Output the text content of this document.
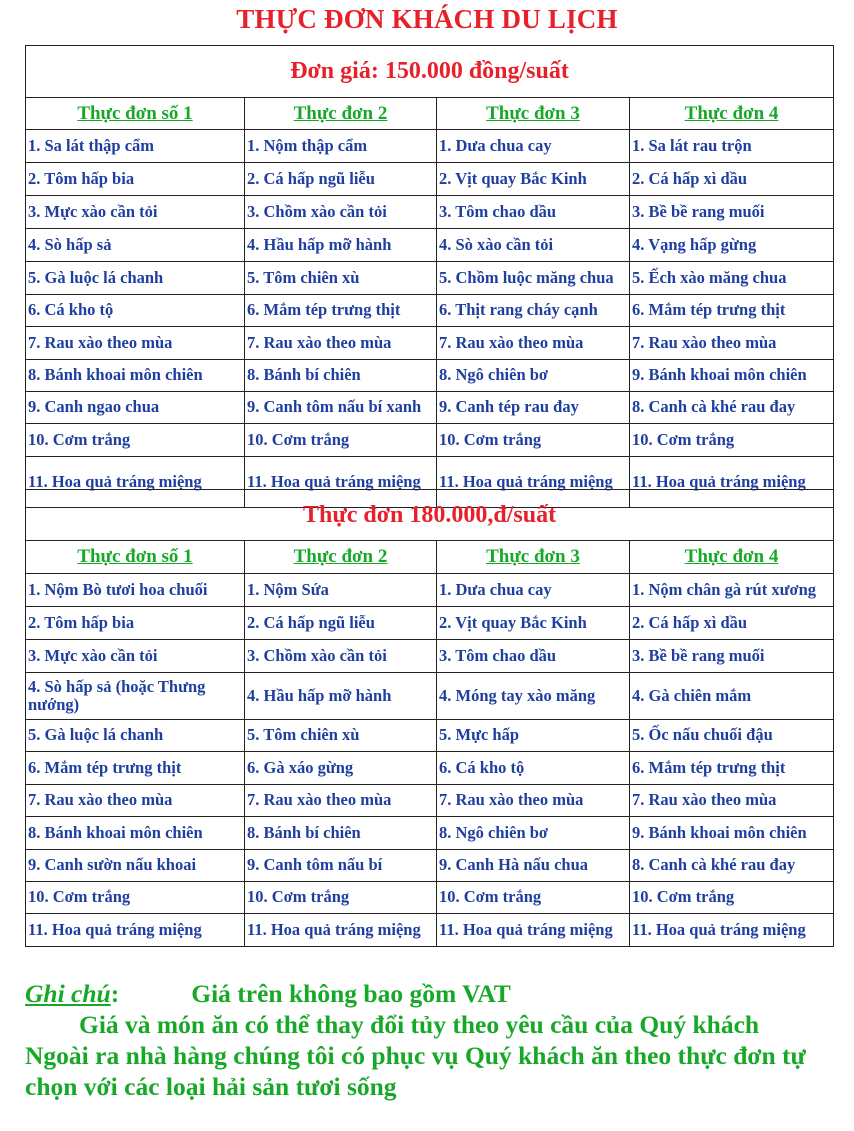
THỰC ĐƠN KHÁCH DU LỊCH
Đơn giá: 150.000 đồng/suất			
Thực đơn số 1	Thực đơn 2	Thực đơn 3	Thực đơn 4
1. Sa lát thập cẩm	1. Nộm thập cẩm	1. Dưa chua cay	1. Sa lát rau trộn
2. Tôm hấp bia	2. Cá hấp ngũ liễu	2. Vịt quay Bắc Kinh	2. Cá hấp xì dầu
3. Mực xào cần tỏi	3. Chồm xào cần tỏi	3. Tôm chao dầu	3. Bề bề rang muối
4. Sò hấp sả	4. Hầu hấp mỡ hành	4. Sò xào cần tỏi	4. Vạng hấp gừng
5. Gà luộc lá chanh	5. Tôm chiên xù	5. Chồm luộc măng chua	5. Ếch xào măng chua
6. Cá kho tộ	6. Mắm tép trưng thịt	6. Thịt rang cháy cạnh	6. Mắm tép trưng thịt
7. Rau xào theo mùa	7. Rau xào theo mùa	7. Rau xào theo mùa	7. Rau xào theo mùa
8. Bánh khoai môn chiên	8. Bánh bí chiên	8. Ngô chiên bơ	9. Bánh khoai môn chiên
9. Canh ngao chua	9. Canh tôm nấu bí xanh	9. Canh tép rau đay	8. Canh cà khé rau đay
10. Cơm trắng	10. Cơm trắng	10. Cơm trắng	10. Cơm trắng
11. Hoa quả tráng miệng	11. Hoa quả tráng miệng	11. Hoa quả tráng miệng	11. Hoa quả tráng miệng
Thực đơn 180.000,đ/suất			
Thực đơn số 1	Thực đơn 2	Thực đơn 3	Thực đơn 4
1. Nộm Bò tươi hoa chuối	1. Nộm Sứa	1. Dưa chua cay	1. Nộm chân gà rút xương
2. Tôm hấp bia	2. Cá hấp ngũ liễu	2. Vịt quay Bắc Kinh	2. Cá hấp xì dầu
3. Mực xào cần tỏi	3. Chồm xào cần tỏi	3. Tôm chao dầu	3. Bề bề rang muối
4. Sò hấp sả (hoặc Thưng nướng)	4. Hầu hấp mỡ hành	4. Móng tay xào măng	4. Gà chiên mắm
5. Gà luộc lá chanh	5. Tôm chiên xù	5. Mực hấp	5. Ốc nấu chuối đậu
6. Mắm tép trưng thịt	6. Gà xáo gừng	6. Cá kho tộ	6. Mắm tép trưng thịt
7. Rau xào theo mùa	7. Rau xào theo mùa	7. Rau xào theo mùa	7. Rau xào theo mùa
8. Bánh khoai môn chiên	8. Bánh bí chiên	8. Ngô chiên bơ	9. Bánh khoai môn chiên
9. Canh sườn nấu khoai	9. Canh tôm nấu bí	9. Canh Hà nấu chua	8. Canh cà khé rau đay
10. Cơm trắng	10. Cơm trắng	10. Cơm trắng	10. Cơm trắng
11. Hoa quả tráng miệng	11. Hoa quả tráng miệng	11. Hoa quả tráng miệng	11. Hoa quả tráng miệng
Ghi chú:	Giá trên không bao gồm VAT
Giá và món ăn có thể thay đổi tủy theo yêu cầu của Quý khách
Ngoài ra nhà hàng chúng tôi có phục vụ Quý khách ăn theo thực đơn tự
chọn với các loại hải sản tươi sống
